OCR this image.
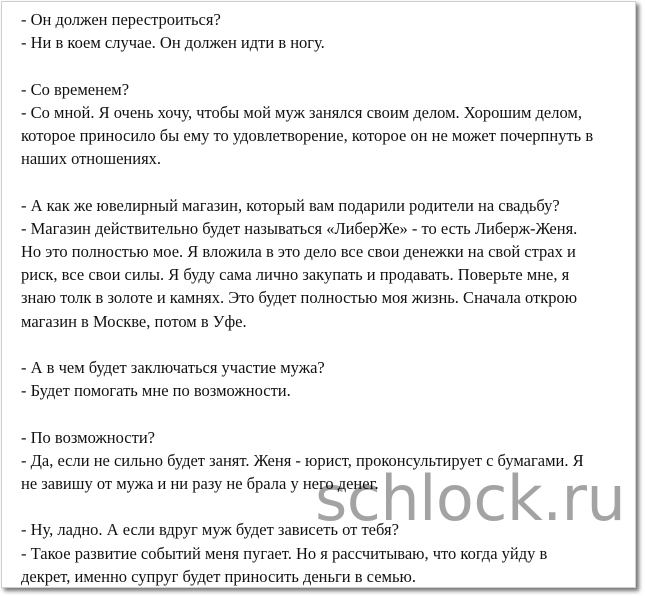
- Он должен перестроиться?
- Ни в коем случае. Он должен идти в ногу.
- Со временем?
- Со мной. Я очень хочу, чтобы мой муж занялся своим делом. Хорошим делом,
которое приносило бы ему то удовлетворение, которое он не может почерпнуть в
наших отношениях.
- А как же ювелирный магазин, который вам подарили родители на свадьбу?
- Магазин действительно будет называться «ЛиберЖе» - то есть Либерж-Женя.
Но это полностью мое. Я вложила в это дело все свои денежки на свой страх и
риск, все свои силы. Я буду сама лично закупать и продавать. Поверьте мне, я
знаю толк в золоте и камнях. Это будет полностью моя жизнь. Сначала открою
магазин в Москве, потом в Уфе.
- А в чем будет заключаться участие мужа?
- Будет помогать мне по возможности.
- По возможности?
- Да, если не сильно будет занят. Женя - юрист, проконсультирует с бумагами. Я
не завишу от мужа и ни разу не брала у него денег.
- Ну, ладно. А если вдруг муж будет зависеть от тебя?
- Такое развитие событий меня пугает. Но я рассчитываю, что когда уйду в
декрет, именно супруг будет приносить деньги в семью.
schlock.ru
